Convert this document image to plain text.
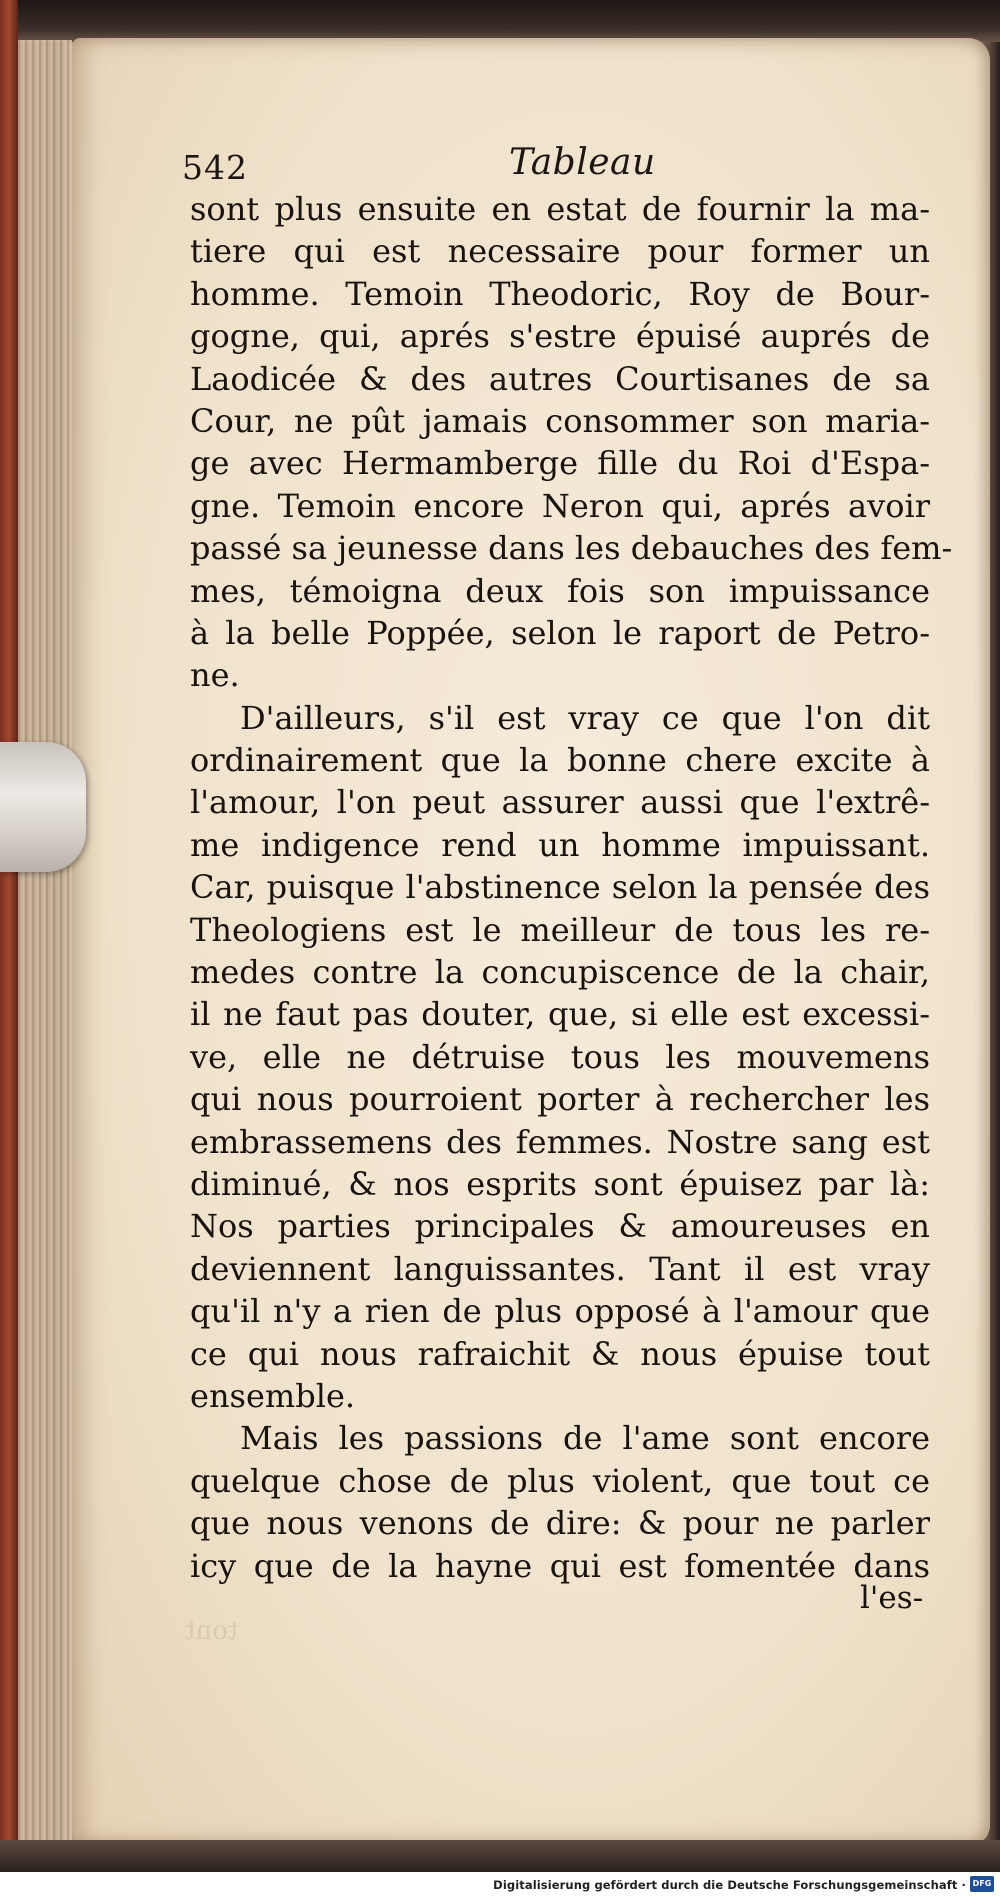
542	Tableau
sont plus ensuite en estat de fournir la ma-
tiere qui est necessaire pour former un
homme. Temoin Theodoric, Roy de Bour-
gogne, qui, aprés s'estre épuisé auprés de
Laodicée & des autres Courtisanes de sa
Cour, ne pût jamais consommer son maria-
ge avec Hermamberge fille du Roi d'Espa-
gne. Temoin encore Neron qui, aprés avoir
passé sa jeunesse dans les debauches des fem-
mes, témoigna deux fois son impuissance
à la belle Poppée, selon le raport de Petro-
ne.
D'ailleurs, s'il est vray ce que l'on dit
ordinairement que la bonne chere excite à
l'amour, l'on peut assurer aussi que l'extrê-
me indigence rend un homme impuissant.
Car, puisque l'abstinence selon la pensée des
Theologiens est le meilleur de tous les re-
medes contre la concupiscence de la chair,
il ne faut pas douter, que, si elle est excessi-
ve, elle ne détruise tous les mouvemens
qui nous pourroient porter à rechercher les
embrassemens des femmes. Nostre sang est
diminué, & nos esprits sont épuisez par là:
Nos parties principales & amoureuses en
deviennent languissantes. Tant il est vray
qu'il n'y a rien de plus opposé à l'amour que
ce qui nous rafraichit & nous épuise tout
ensemble.
Mais les passions de l'ame sont encore
quelque chose de plus violent, que tout ce
que nous venons de dire: & pour ne parler
icy que de la hayne qui est fomentée dans
l'es-
tont
Digitalisierung gefördert durch die Deutsche Forschungsgemeinschaft · DFG
